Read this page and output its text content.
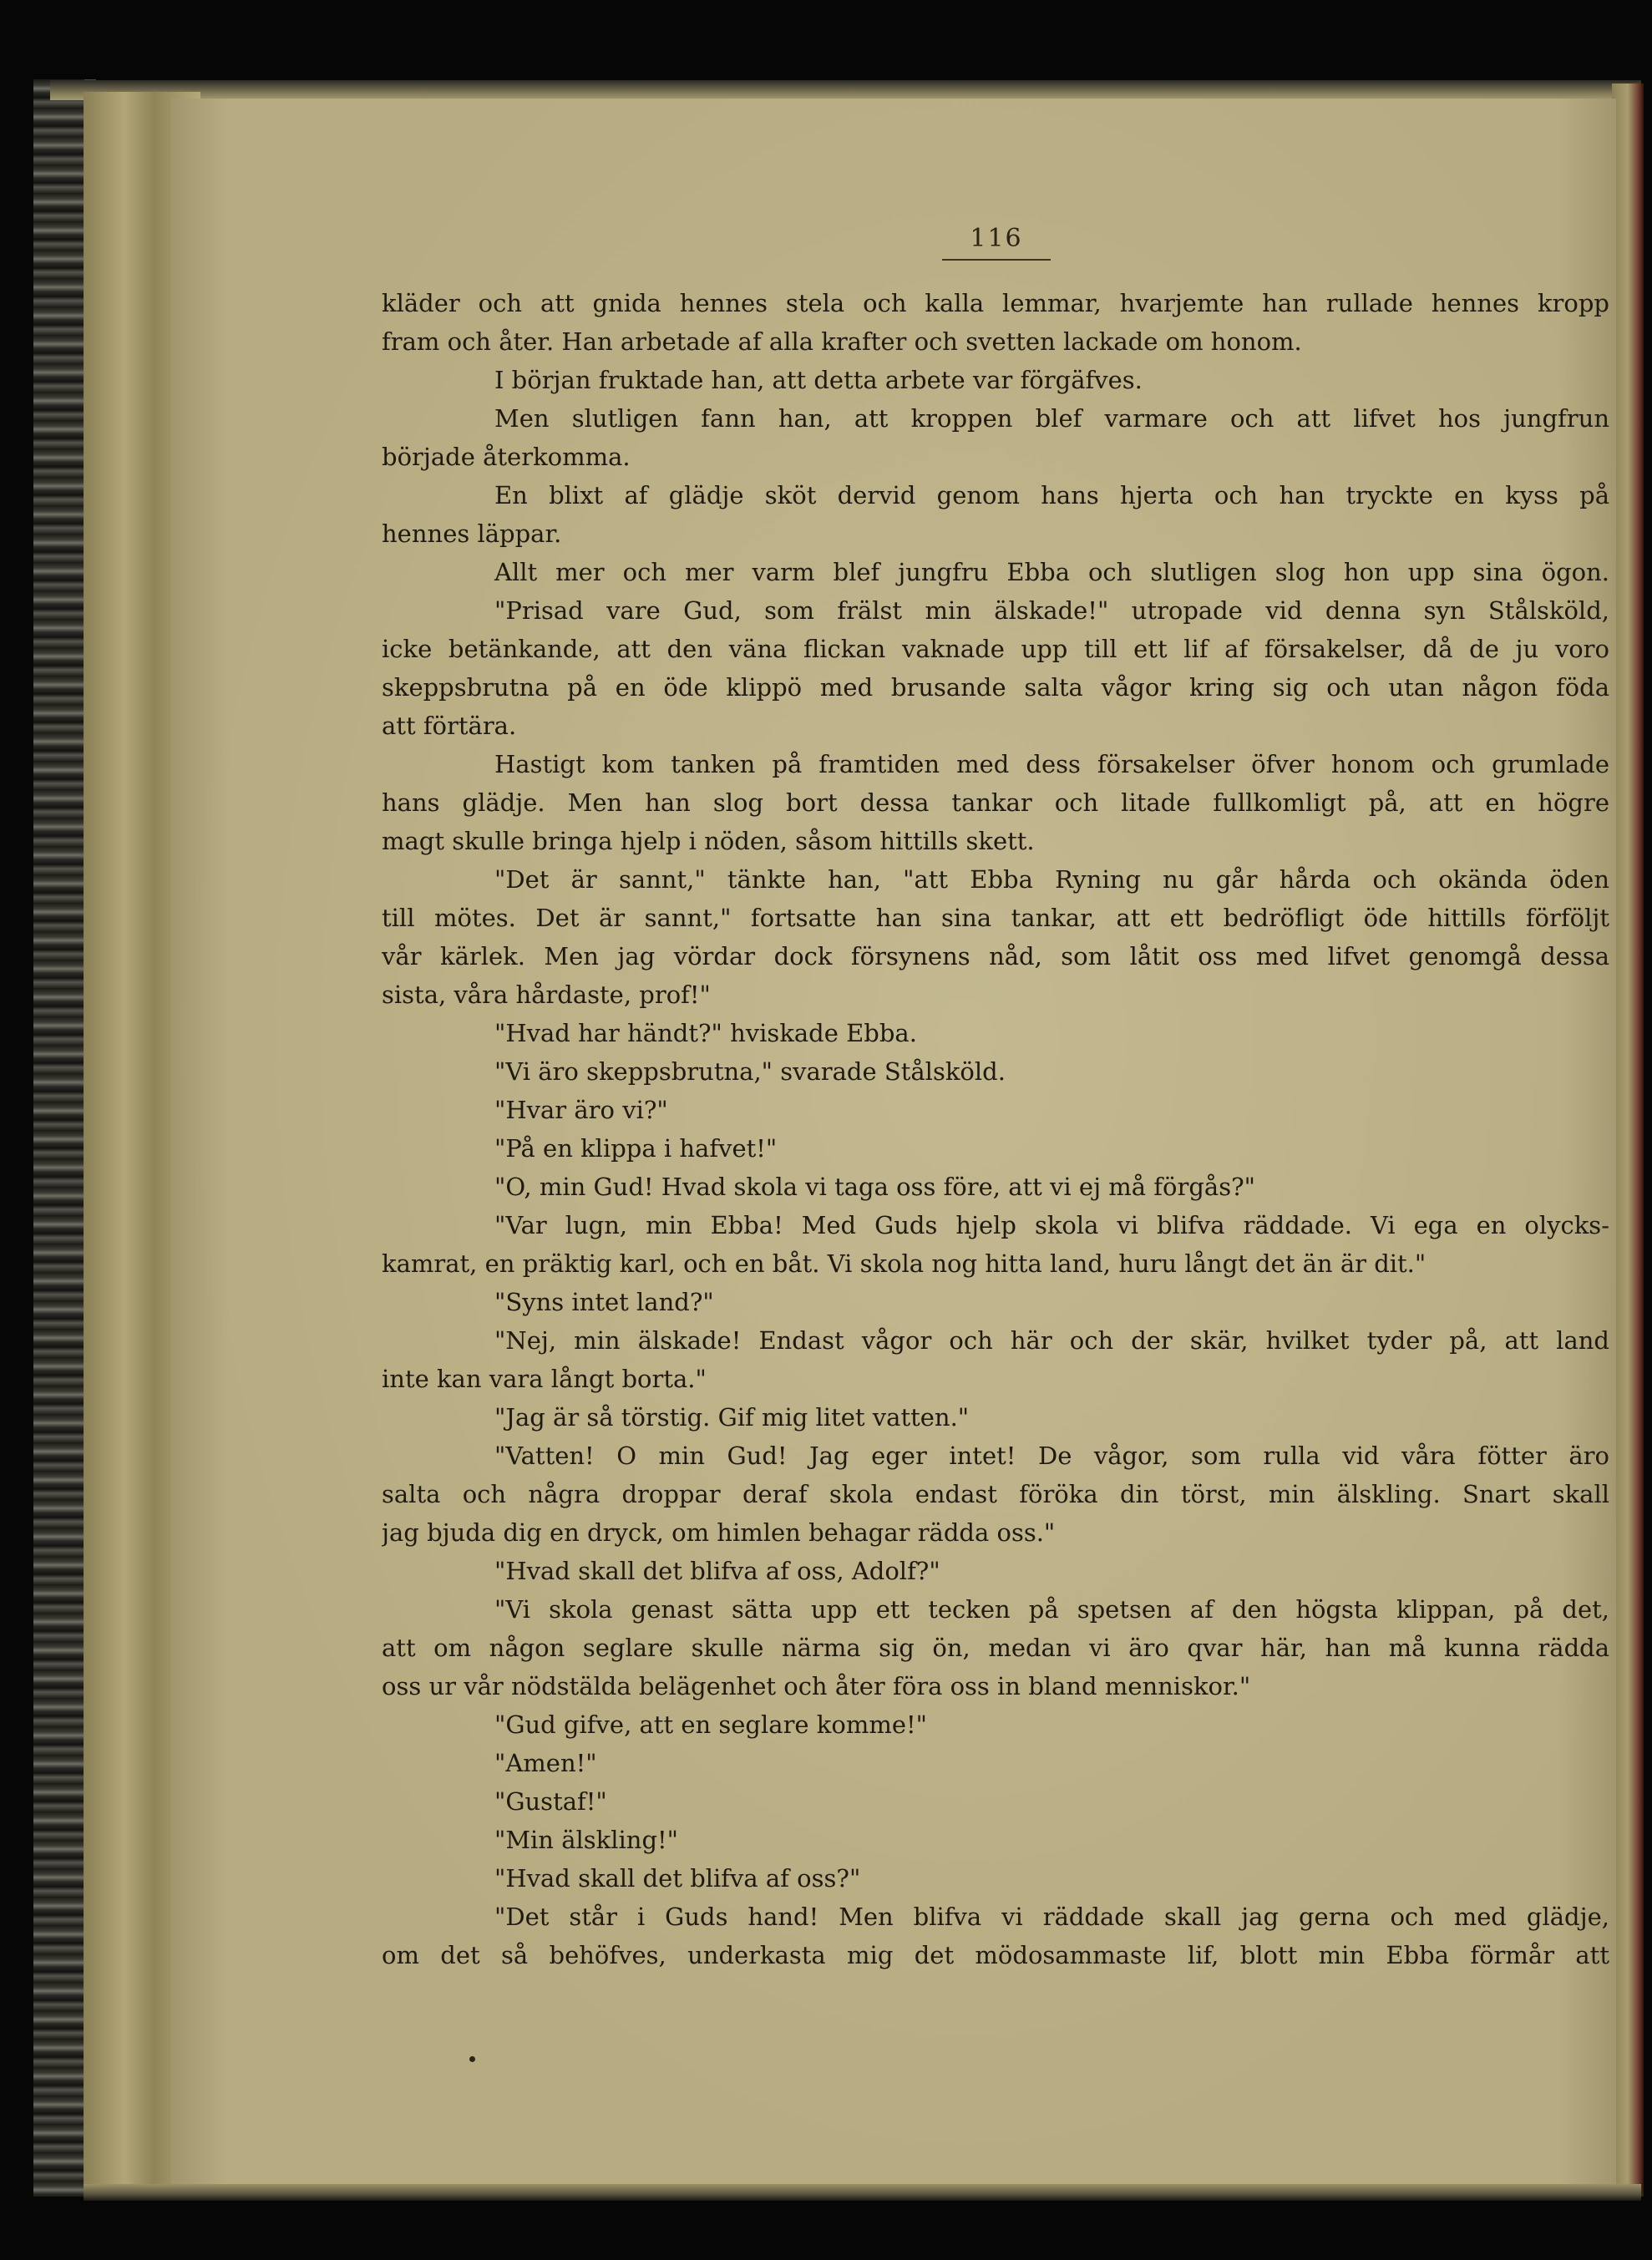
116
kläder och att gnida hennes stela och kalla lemmar, hvarjemte han rullade hennes kropp
fram och åter. Han arbetade af alla krafter och svetten lackade om honom.
I början fruktade han, att detta arbete var förgäfves.
Men slutligen fann han, att kroppen blef varmare och att lifvet hos jungfrun
började återkomma.
En blixt af glädje sköt dervid genom hans hjerta och han tryckte en kyss på
hennes läppar.
Allt mer och mer varm blef jungfru Ebba och slutligen slog hon upp sina ögon.
"Prisad vare Gud, som frälst min älskade!" utropade vid denna syn Stålsköld,
icke betänkande, att den väna flickan vaknade upp till ett lif af försakelser, då de ju voro
skeppsbrutna på en öde klippö med brusande salta vågor kring sig och utan någon föda
att förtära.
Hastigt kom tanken på framtiden med dess försakelser öfver honom och grumlade
hans glädje. Men han slog bort dessa tankar och litade fullkomligt på, att en högre
magt skulle bringa hjelp i nöden, såsom hittills skett.
"Det är sannt," tänkte han, "att Ebba Ryning nu går hårda och okända öden
till mötes. Det är sannt," fortsatte han sina tankar, att ett bedröfligt öde hittills förföljt
vår kärlek. Men jag vördar dock försynens nåd, som låtit oss med lifvet genomgå dessa
sista, våra hårdaste, prof!"
"Hvad har händt?" hviskade Ebba.
"Vi äro skeppsbrutna," svarade Stålsköld.
"Hvar äro vi?"
"På en klippa i hafvet!"
"O, min Gud! Hvad skola vi taga oss före, att vi ej må förgås?"
"Var lugn, min Ebba! Med Guds hjelp skola vi blifva räddade. Vi ega en olycks-
kamrat, en präktig karl, och en båt. Vi skola nog hitta land, huru långt det än är dit."
"Syns intet land?"
"Nej, min älskade! Endast vågor och här och der skär, hvilket tyder på, att land
inte kan vara långt borta."
"Jag är så törstig. Gif mig litet vatten."
"Vatten! O min Gud! Jag eger intet! De vågor, som rulla vid våra fötter äro
salta och några droppar deraf skola endast föröka din törst, min älskling. Snart skall
jag bjuda dig en dryck, om himlen behagar rädda oss."
"Hvad skall det blifva af oss, Adolf?"
"Vi skola genast sätta upp ett tecken på spetsen af den högsta klippan, på det,
att om någon seglare skulle närma sig ön, medan vi äro qvar här, han må kunna rädda
oss ur vår nödstälda belägenhet och åter föra oss in bland menniskor."
"Gud gifve, att en seglare komme!"
"Amen!"
"Gustaf!"
"Min älskling!"
"Hvad skall det blifva af oss?"
"Det står i Guds hand! Men blifva vi räddade skall jag gerna och med glädje,
om det så behöfves, underkasta mig det mödosammaste lif, blott min Ebba förmår att
